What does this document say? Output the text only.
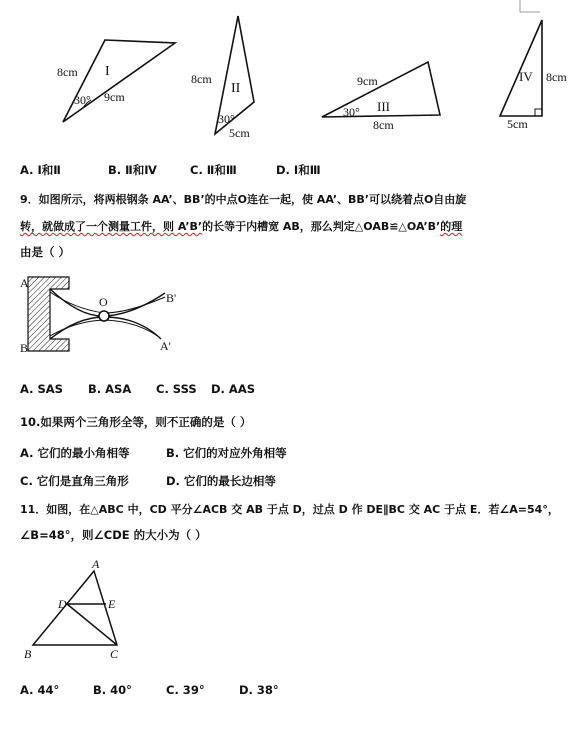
I
8cm
9cm
30°
II
8cm
5cm
30°
III
9cm
8cm
30°
IV 8cm
5cm
A. Ⅰ和Ⅱ	B. Ⅱ和Ⅳ	C. Ⅱ和Ⅲ	D. Ⅰ和Ⅲ
9．如图所示，将两根钢条 AA’、BB’的中点O连在一起，使 AA’、BB’可以绕着点O自由旋
转，就做成了一个测量工件，则 A’B’的长等于内槽宽 AB，那么判定△OAB≌△OA’B’的理
由是（ ）
A
B
O	B'
A'
A. SAS B. ASA C. SSS D. AAS
10.如果两个三角形全等，则不正确的是（ ）
A. 它们的最小角相等	B. 它们的对应外角相等
C. 它们是直角三角形	D. 它们的最长边相等
11．如图，在△ABC 中，CD 平分∠ACB 交 AB 于点 D，过点 D 作 DE∥BC 交 AC 于点 E．若∠A=54°，
∠B=48°，则∠CDE 的大小为（ ）
A
B	C
D	E
A. 44°	B. 40°	C. 39°	D. 38°
